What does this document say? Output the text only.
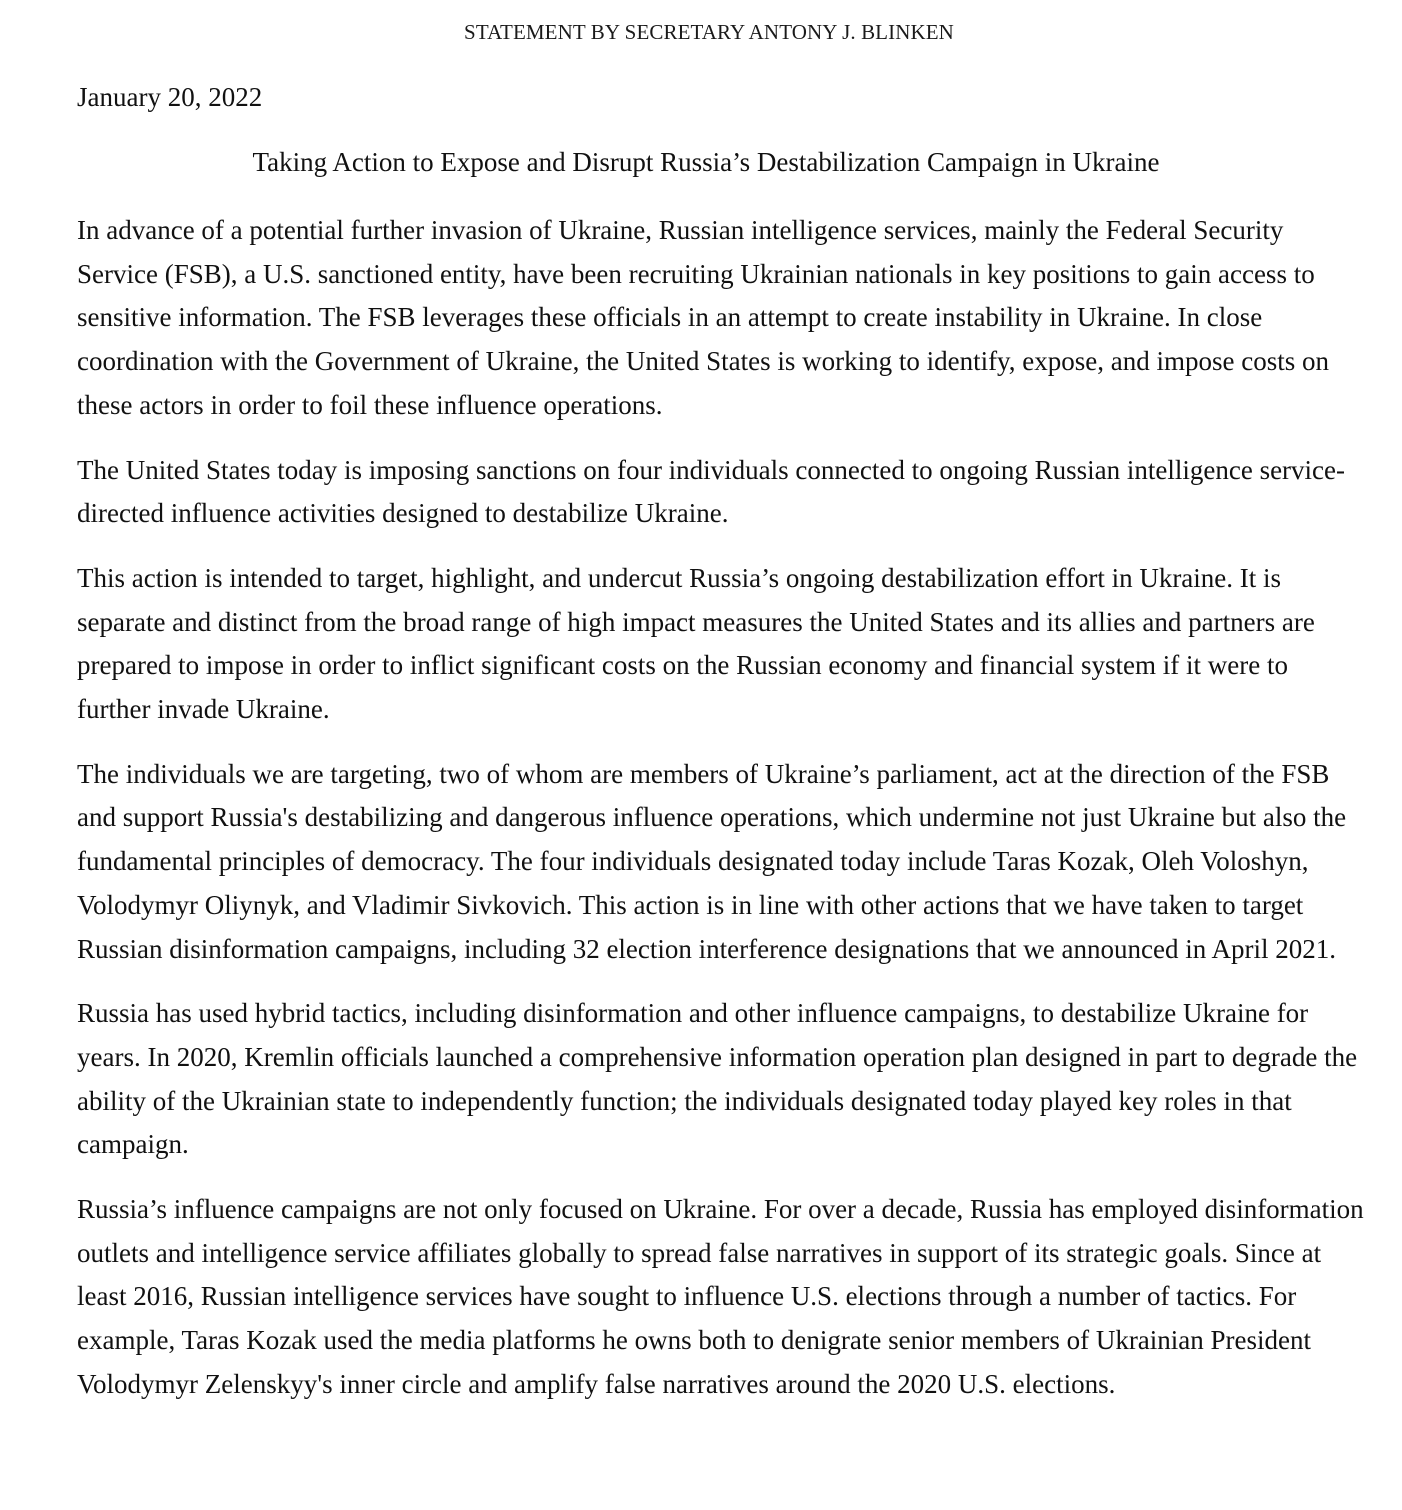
STATEMENT BY SECRETARY ANTONY J. BLINKEN
January 20, 2022
Taking Action to Expose and Disrupt Russia’s Destabilization Campaign in Ukraine

In advance of a potential further invasion of Ukraine, Russian intelligence services, mainly the Federal Security Service (FSB), a U.S. sanctioned entity, have been recruiting Ukrainian nationals in key positions to gain access to sensitive information. The FSB leverages these officials in an attempt to create instability in Ukraine. In close coordination with the Government of Ukraine, the United States is working to identify, expose, and impose costs on these actors in order to foil these influence operations.

The United States today is imposing sanctions on four individuals connected to ongoing Russian intelligence service-directed influence activities designed to destabilize Ukraine.

This action is intended to target, highlight, and undercut Russia’s ongoing destabilization effort in Ukraine. It is separate and distinct from the broad range of high impact measures the United States and its allies and partners are prepared to impose in order to inflict significant costs on the Russian economy and financial system if it were to further invade Ukraine.

The individuals we are targeting, two of whom are members of Ukraine’s parliament, act at the direction of the FSB and support Russia's destabilizing and dangerous influence operations, which undermine not just Ukraine but also the fundamental principles of democracy. The four individuals designated today include Taras Kozak, Oleh Voloshyn, Volodymyr Oliynyk, and Vladimir Sivkovich. This action is in line with other actions that we have taken to target Russian disinformation campaigns, including 32 election interference designations that we announced in April 2021.

Russia has used hybrid tactics, including disinformation and other influence campaigns, to destabilize Ukraine for years. In 2020, Kremlin officials launched a comprehensive information operation plan designed in part to degrade the ability of the Ukrainian state to independently function; the individuals designated today played key roles in that campaign.

Russia’s influence campaigns are not only focused on Ukraine. For over a decade, Russia has employed disinformation outlets and intelligence service affiliates globally to spread false narratives in support of its strategic goals. Since at least 2016, Russian intelligence services have sought to influence U.S. elections through a number of tactics. For example, Taras Kozak used the media platforms he owns both to denigrate senior members of Ukrainian President Volodymyr Zelenskyy's inner circle and amplify false narratives around the 2020 U.S. elections.
